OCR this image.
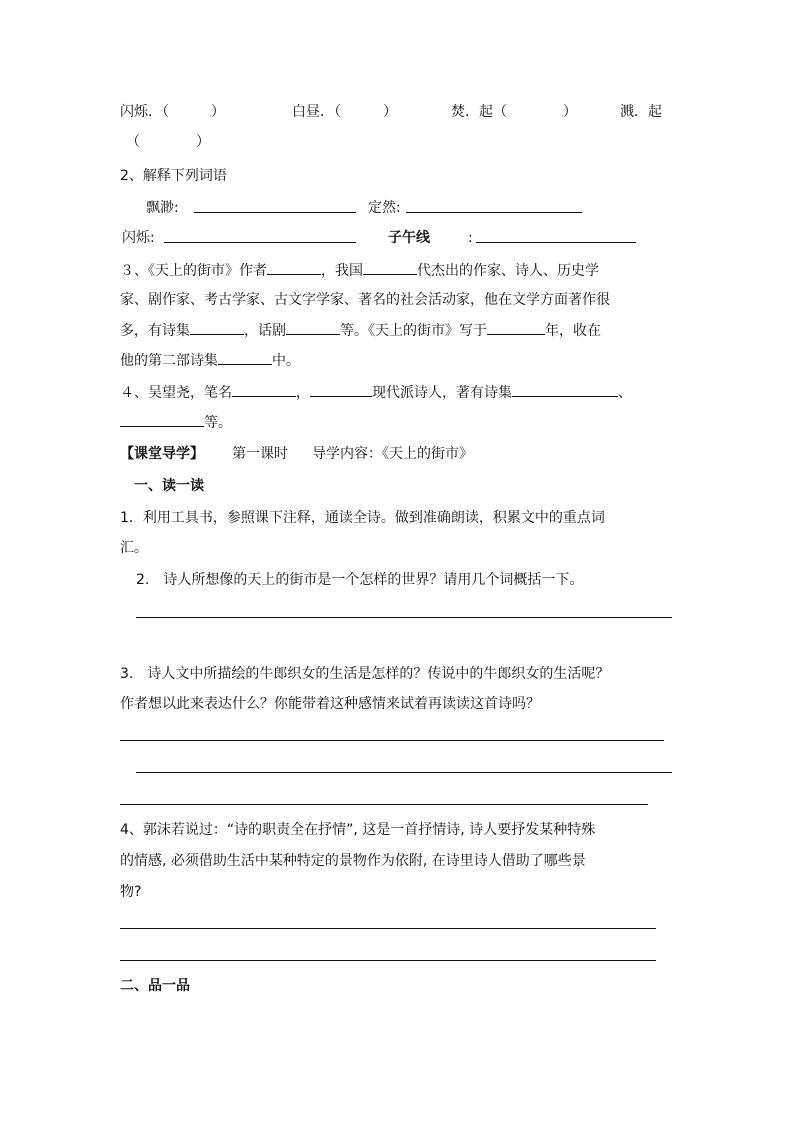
闪烁．（　　　）	白昼．（　　　）	焚．起（　　　　）	溅．起
（　　　　）
2、解释下列词语
飘渺:	定然:
闪烁:	子午线	:
３、《天上的街市》作者	，我国	代杰出的作家、诗人、历史学
家、剧作家、考古学家、古文字学家、著名的社会活动家，他在文学方面著作很
多，有诗集	，话剧	等。《天上的街市》写于	年，收在
他的第二部诗集	中。
４、吴望尧，笔名	，	现代派诗人，著有诗集	、
等。
【课堂导学】 第一课时 导学内容：《天上的街市》
一、读一读
1．利用工具书，参照课下注释，通读全诗。做到准确朗读，积累文中的重点词
汇。
2.　诗人所想像的天上的街市是一个怎样的世界？请用几个词概括一下。
3.　诗人文中所描绘的牛郎织女的生活是怎样的？传说中的牛郎织女的生活呢？
作者想以此来表达什么？你能带着这种感情来试着再读读这首诗吗？
4、郭沫若说过：“诗的职责全在抒情”, 这是一首抒情诗, 诗人要抒发某种特殊
的情感, 必须借助生活中某种特定的景物作为依附, 在诗里诗人借助了哪些景
物?
二、品一品
